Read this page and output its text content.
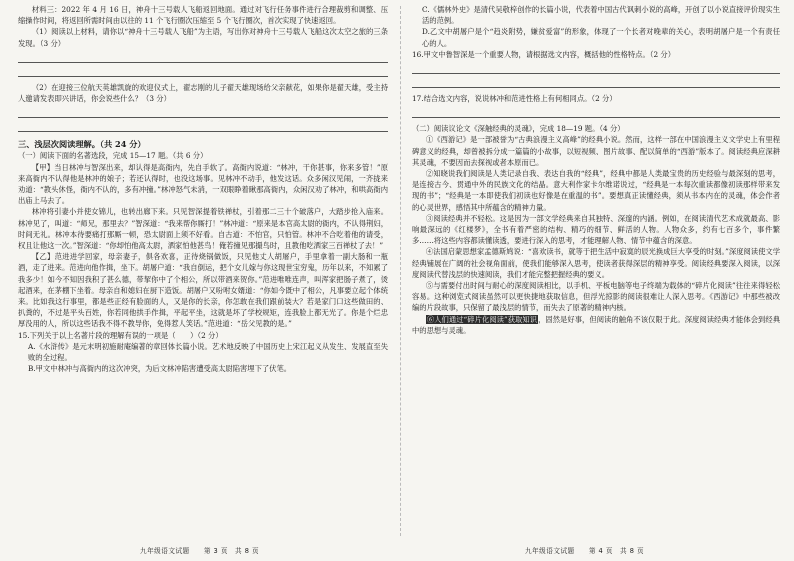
材料三：2022 年 4 月 16 日，神舟十三号载人飞船返回地面。通过对飞行任务事件进行合理裁剪和调整、压缩操作时间，将返回所需时间由以往的 11 个飞行圈次压缩至 5 个飞行圈次，首次实现了快速返回。

（1）阅读以上材料，请你以“神舟十三号载人飞船”为主语，写出你对神舟十三号载人飞船这次太空之旅的三条发现。（3 分）

（2）在迎接三位航天英雄凯旋的欢迎仪式上，翟志刚的儿子翟天雄现场给父亲献花，如果你是翟天雄，受主持人邀请发表即兴讲话，你会说些什么？（3 分）

三、浅层次阅读理解。（共 24 分）

（一）阅读下面的名著选段，完成 15—17 题。（共 6 分）

【甲】当日林冲与智深出来，却认得是高衙内，先自手软了。高衙内说道：“林冲，干你甚事，你来多管！”原来高衙内不认得他是林冲的娘子；若还认得时，也没这场事。见林冲不动手，他发这话。众多闲汉见闹，一齐拢来劝道：“教头休怪，衙内不认的，多有冲撞。”林冲怒气未消，一双眼睁着瞅那高衙内，众闲汉劝了林冲，和哄高衙内出庙上马去了。

林冲将引妻小并使女锦儿，也转出廊下来。只见智深提着铁禅杖，引着那二三十个破落户，大踏步抢入庙来。林冲见了，叫道：“师兄，那里去？”智深道：“我来帮你厮打！”林冲道：“原来是本官高太尉的衙内，不认得荆妇，时间无礼。林冲本待要痛打那厮一顿，恐太尉面上须不好看。自古道：不怕官，只怕管。林冲不合吃着他的请受，权且让他这一次。”智深道：“你却怕他高太尉，洒家怕他甚鸟！俺若撞见那撮鸟时，且教他吃洒家三百禅杖了去！”

【乙】范进进学回家，母亲妻子，俱各欢喜，正待烧锅做饭，只见他丈人胡屠户，手里拿着一副大肠和一瓶酒，走了进来。范进向他作揖，坐下。胡屠户道：“我自倒运，把个女儿嫁与你这现世宝穷鬼，历年以来，不知累了我多少！如今不知因我积了甚么德，带挈你中了个相公，所以带酒来贺你。”范进唯唯连声，叫浑家把肠子煮了，烫起酒来，在茅棚下坐着。母亲自和媳妇在厨下造饭。胡屠户又吩咐女婿道：“你如今既中了相公，凡事要立起个体统来。比如我这行事里，都是些正经有脸面的人，又是你的长亲，你怎敢在我们跟前装大？若是家门口这些做田的、扒粪的，不过是平头百姓，你若同他拱手作揖，平起平坐，这就是坏了学校规矩，连我脸上都无光了。你是个烂忠厚没用的人，所以这些话我不得不教导你，免得惹人笑话。”范进道：“岳父见教的是。”

15.下列关于以上名著片段的理解有误的一项是（　　）（2 分）

A.《水浒传》是元末明初施耐庵编著的章回体长篇小说。艺术地反映了中国历史上宋江起义从发生、发展直至失败的全过程。

B.甲文中林冲与高衙内的这次冲突，为后文林冲陷害遭受高太尉陷害埋下了伏笔。

C.《儒林外史》是清代吴敬梓创作的长篇小说，代表着中国古代讽刺小说的高峰，开创了以小说直接评价现实生活的范例。

D.乙文中胡屠户是个“趋炎附势，嫌贫爱富”的形象，体现了一个长者对晚辈的关心，表明胡屠户是一个有责任心的人。

16.甲文中鲁智深是一个重要人物，请根据选文内容，概括他的性格特点。（2 分）

17.结合选文内容，说说林冲和范进性格上有何相同点。（2 分）

（二）阅读议论文《深触经典的灵魂》，完成 18—19 题。（4 分）

①《西游记》是一部被誉为“古典浪漫主义高峰”的经典小说。然而，这样一部在中国浪漫主义文学史上有里程碑意义的经典，却曾被拆分成一篇篇的小故事，以短视频、图片故事、配以简单的“西游”版本了。阅读经典应深耕其灵魂，不要因而去探视或者本原而已。

②知晓说我们阅读是人类记录自我、表达自我的“经典”，经典中都是人类最宝贵的历史经验与最深刻的思考，是连接古今、贯通中外的民族文化的结晶。意大利作家卡尔维诺说过，“经典是一本每次重读都像初读那样带来发现的书”；“经典是一本即使我们初读也好像是在重温的书”。要想真正读懂经典，须从书本内在的灵魂，体会作者的心灵世界，感悟其中所蕴含的精神力量。

③阅读经典并不轻松。这是因为一部文学经典来自其独特、深邃的内涵。例如，在阅读清代艺术成就最高、影响最深远的《红楼梦》，全书有着严密的结构、精巧的细节、鲜活的人物。人物众多，约有七百多个，事件繁多……将这些内容都读懂读透，要进行深入的思考，才能理解人物、情节中蕴含的深意。

④法国启蒙思想家孟德斯鸠说：“喜欢读书，就等于把生活中寂寞的辰光换成巨大享受的时刻。”深度阅读使文学经典铺展在广阔的社会视角面前，使我们能够深入思考，使读者获得深层的精神享受。阅读经典要深入阅读，以深度阅读代替浅层的快速阅读，我们才能完整把握经典的要义。

⑤与需要付出时间与耐心的深度阅读相比，以手机、平板电脑等电子终端为载体的“碎片化阅读”往往来得轻松容易。这种浏览式阅读虽然可以更快捷地获取信息，但浮光掠影的阅读很难让人深入思考。《西游记》中那些被改编的片段故事，只保留了最浅层的情节，而失去了原著的精神内核。

⑥人们通过“碎片化阅读”获取知识，固然是好事，但阅读的触角不该仅限于此。深度阅读经典才能体会到经典中的思想与灵魂。

九年级语文试题　　第 3 页　共 8 页	九年级语文试题　　第 4 页　共 8 页
